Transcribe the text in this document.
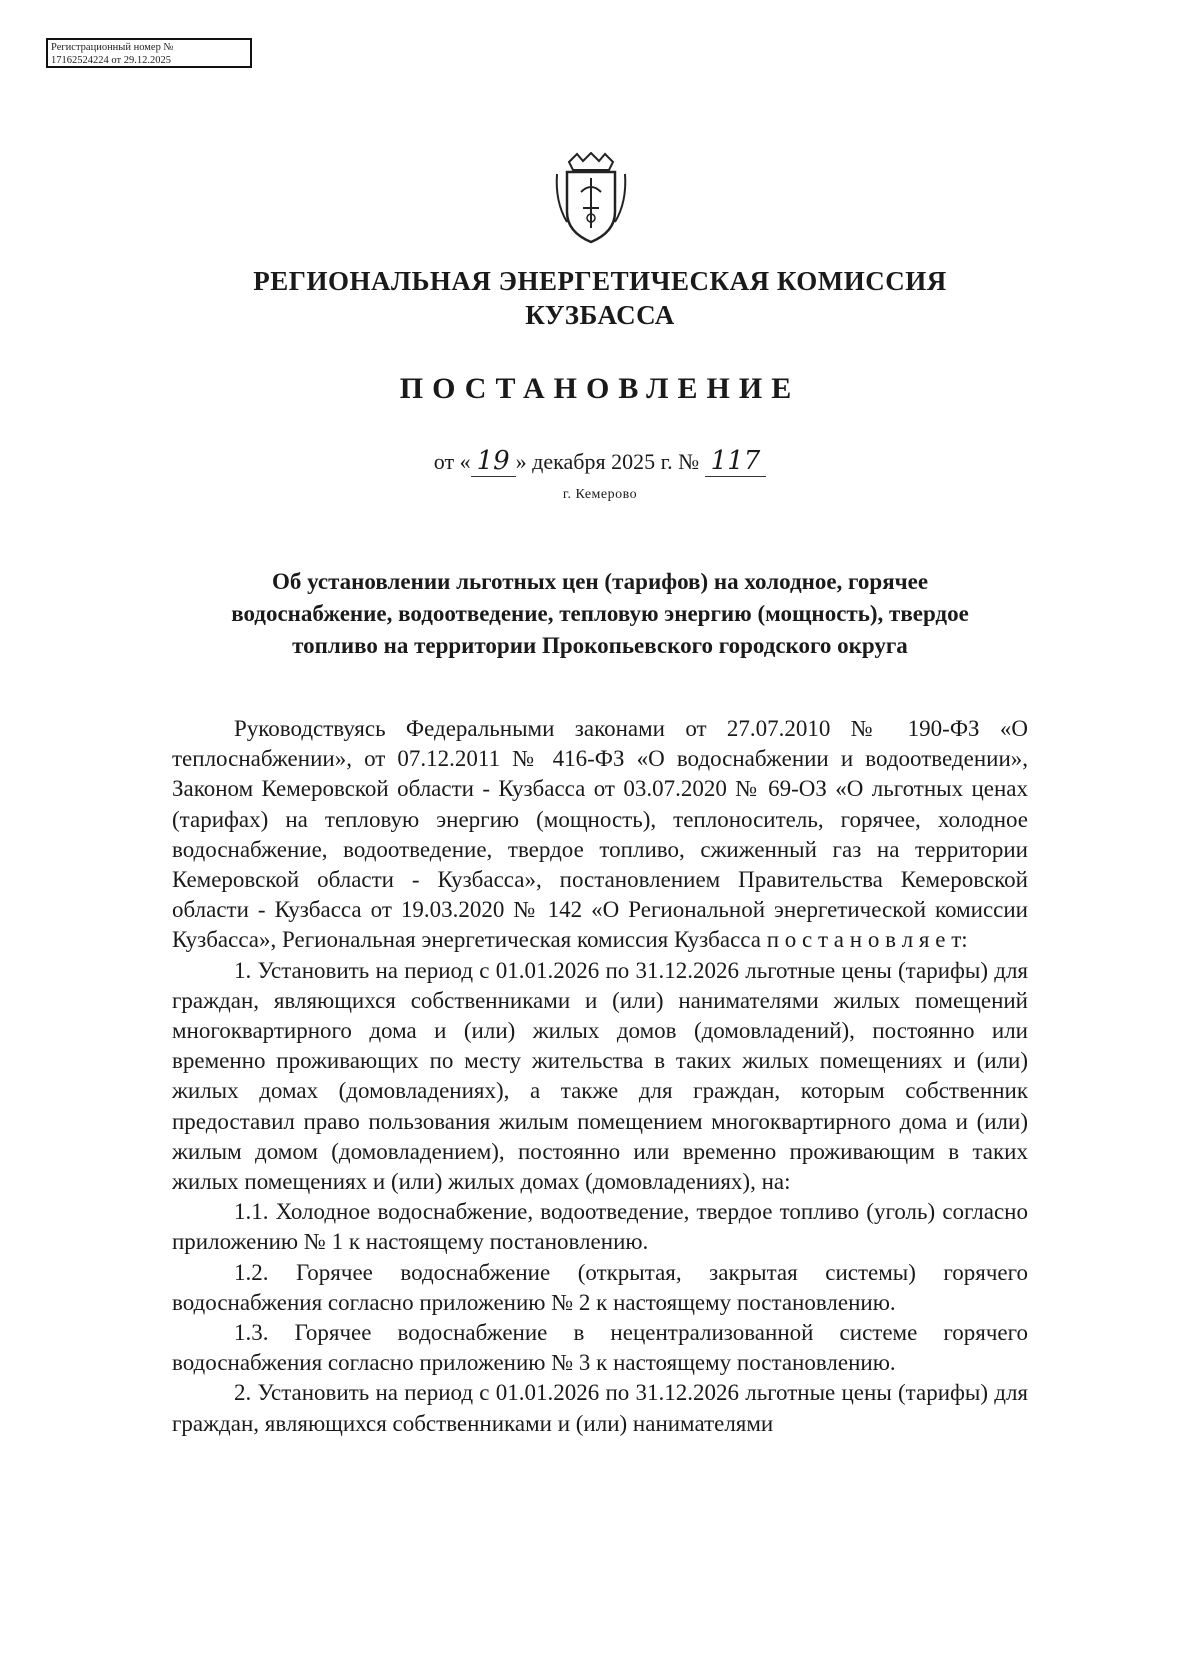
Регистрационный номер №
17162524224 от 29.12.2025
РЕГИОНАЛЬНАЯ ЭНЕРГЕТИЧЕСКАЯ КОМИССИЯ
КУЗБАССА
ПОСТАНОВЛЕНИЕ
от « 19 » декабря 2025 г. № 117
г. Кемерово
Об установлении льготных цен (тарифов) на холодное, горячее
водоснабжение, водоотведение, тепловую энергию (мощность), твердое
топливо на территории Прокопьевского городского округа

Руководствуясь Федеральными законами от 27.07.2010 № 190-ФЗ «О теплоснабжении», от 07.12.2011 № 416-ФЗ «О водоснабжении и водоотведении», Законом Кемеровской области - Кузбасса от 03.07.2020 № 69-ОЗ «О льготных ценах (тарифах) на тепловую энергию (мощность), теплоноситель, горячее, холодное водоснабжение, водоотведение, твердое топливо, сжиженный газ на территории Кемеровской области - Кузбасса», постановлением Правительства Кемеровской области - Кузбасса от 19.03.2020 № 142 «О Региональной энергетической комиссии Кузбасса», Региональная энергетическая комиссия Кузбасса п о с т а н о в л я е т:

1. Установить на период с 01.01.2026 по 31.12.2026 льготные цены (тарифы) для граждан, являющихся собственниками и (или) нанимателями жилых помещений многоквартирного дома и (или) жилых домов (домовладений), постоянно или временно проживающих по месту жительства в таких жилых помещениях и (или) жилых домах (домовладениях), а также для граждан, которым собственник предоставил право пользования жилым помещением многоквартирного дома и (или) жилым домом (домовладением), постоянно или временно проживающим в таких жилых помещениях и (или) жилых домах (домовладениях), на:

1.1. Холодное водоснабжение, водоотведение, твердое топливо (уголь) согласно приложению № 1 к настоящему постановлению.

1.2. Горячее водоснабжение (открытая, закрытая системы) горячего водоснабжения согласно приложению № 2 к настоящему постановлению.

1.3. Горячее водоснабжение в нецентрализованной системе горячего водоснабжения согласно приложению № 3 к настоящему постановлению.

2. Установить на период с 01.01.2026 по 31.12.2026 льготные цены (тарифы) для граждан, являющихся собственниками и (или) нанимателями
